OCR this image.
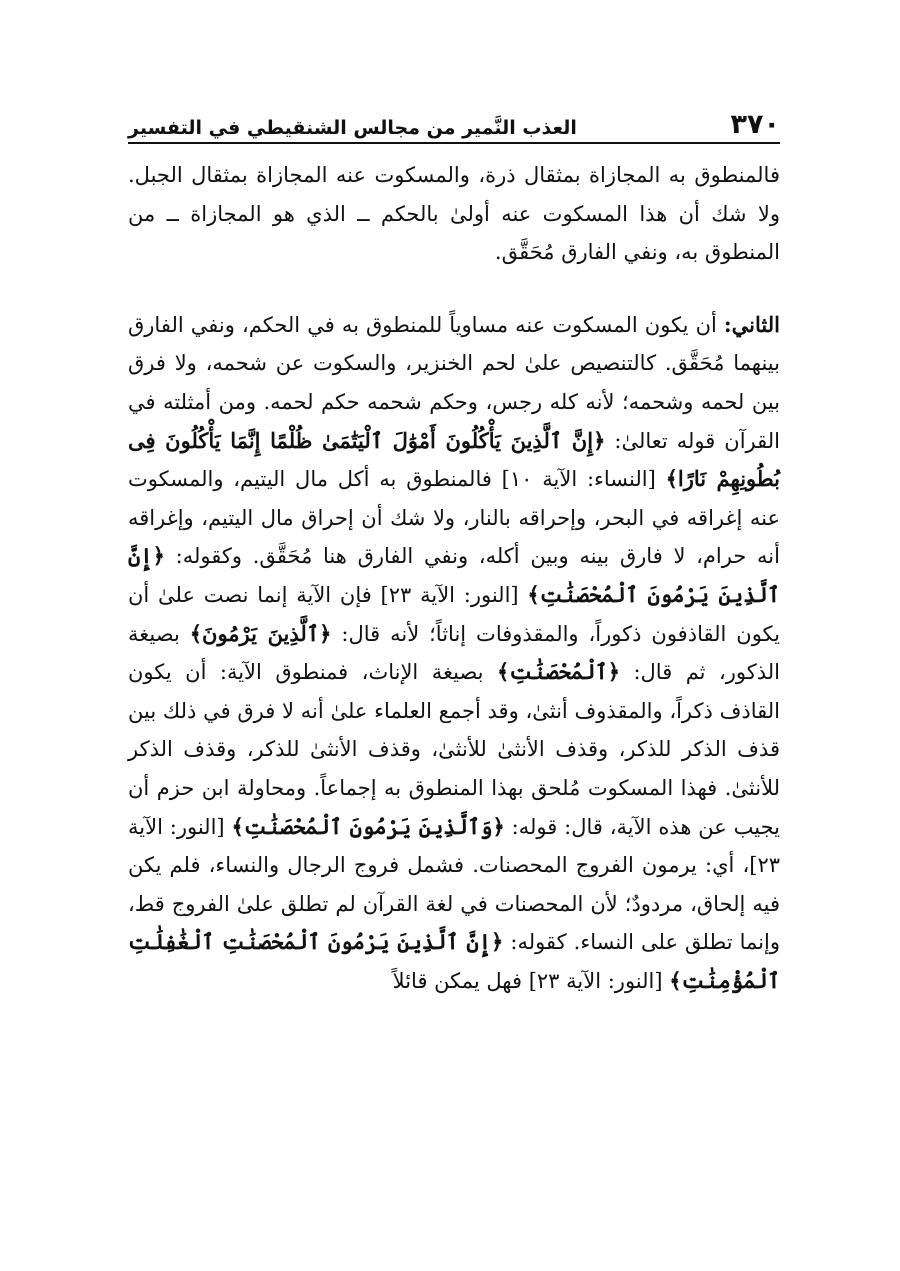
٣٧٠
العذب النَّمير من مجالس الشنقيطي في التفسير

فالمنطوق به المجازاة بمثقال ذرة، والمسكوت عنه المجازاة بمثقال الجبل. ولا شك أن هذا المسكوت عنه أولىٰ بالحكم ــ الذي هو المجازاة ــ من المنطوق به، ونفي الفارق مُحَقَّق.

الثاني: أن يكون المسكوت عنه مساوياً للمنطوق به في الحكم، ونفي الفارق بينهما مُحَقَّق. كالتنصيص علىٰ لحم الخنزير، والسكوت عن شحمه، ولا فرق بين لحمه وشحمه؛ لأنه كله رجس، وحكم شحمه حكم لحمه. ومن أمثلته في القرآن قوله تعالىٰ: ﴿إِنَّ ٱلَّذِينَ يَأْكُلُونَ أَمْوَٰلَ ٱلْيَتَٰمَىٰ ظُلْمًا إِنَّمَا يَأْكُلُونَ فِى بُطُونِهِمْ نَارًا﴾ [النساء: الآية ١٠] فالمنطوق به أكل مال اليتيم، والمسكوت عنه إغراقه في البحر، وإحراقه بالنار، ولا شك أن إحراق مال اليتيم، وإغراقه أنه حرام، لا فارق بينه وبين أكله، ونفي الفارق هنا مُحَقَّق. وكقوله: ﴿إِنَّ ٱلَّذِينَ يَرْمُونَ ٱلْمُحْصَنَٰتِ﴾ [النور: الآية ٢٣] فإن الآية إنما نصت علىٰ أن يكون القاذفون ذكوراً، والمقذوفات إناثاً؛ لأنه قال: ﴿ٱلَّذِينَ يَرْمُونَ﴾ بصيغة الذكور، ثم قال: ﴿ٱلْمُحْصَنَٰتِ﴾ بصيغة الإناث، فمنطوق الآية: أن يكون القاذف ذكراً، والمقذوف أنثىٰ، وقد أجمع العلماء علىٰ أنه لا فرق في ذلك بين قذف الذكر للذكر، وقذف الأنثىٰ للأنثىٰ، وقذف الأنثىٰ للذكر، وقذف الذكر للأنثىٰ. فهذا المسكوت مُلحق بهذا المنطوق به إجماعاً. ومحاولة ابن حزم أن يجيب عن هذه الآية، قال: قوله: ﴿وَٱلَّذِينَ يَرْمُونَ ٱلْمُحْصَنَٰتِ﴾ [النور: الآية ٢٣]، أي: يرمون الفروج المحصنات. فشمل فروج الرجال والنساء، فلم يكن فيه إلحاق، مردودٌ؛ لأن المحصنات في لغة القرآن لم تطلق علىٰ الفروج قط، وإنما تطلق على النساء. كقوله: ﴿إِنَّ ٱلَّذِينَ يَرْمُونَ ٱلْمُحْصَنَٰتِ ٱلْغَٰفِلَٰتِ ٱلْمُؤْمِنَٰتِ﴾ [النور: الآية ٢٣] فهل يمكن قائلاً
